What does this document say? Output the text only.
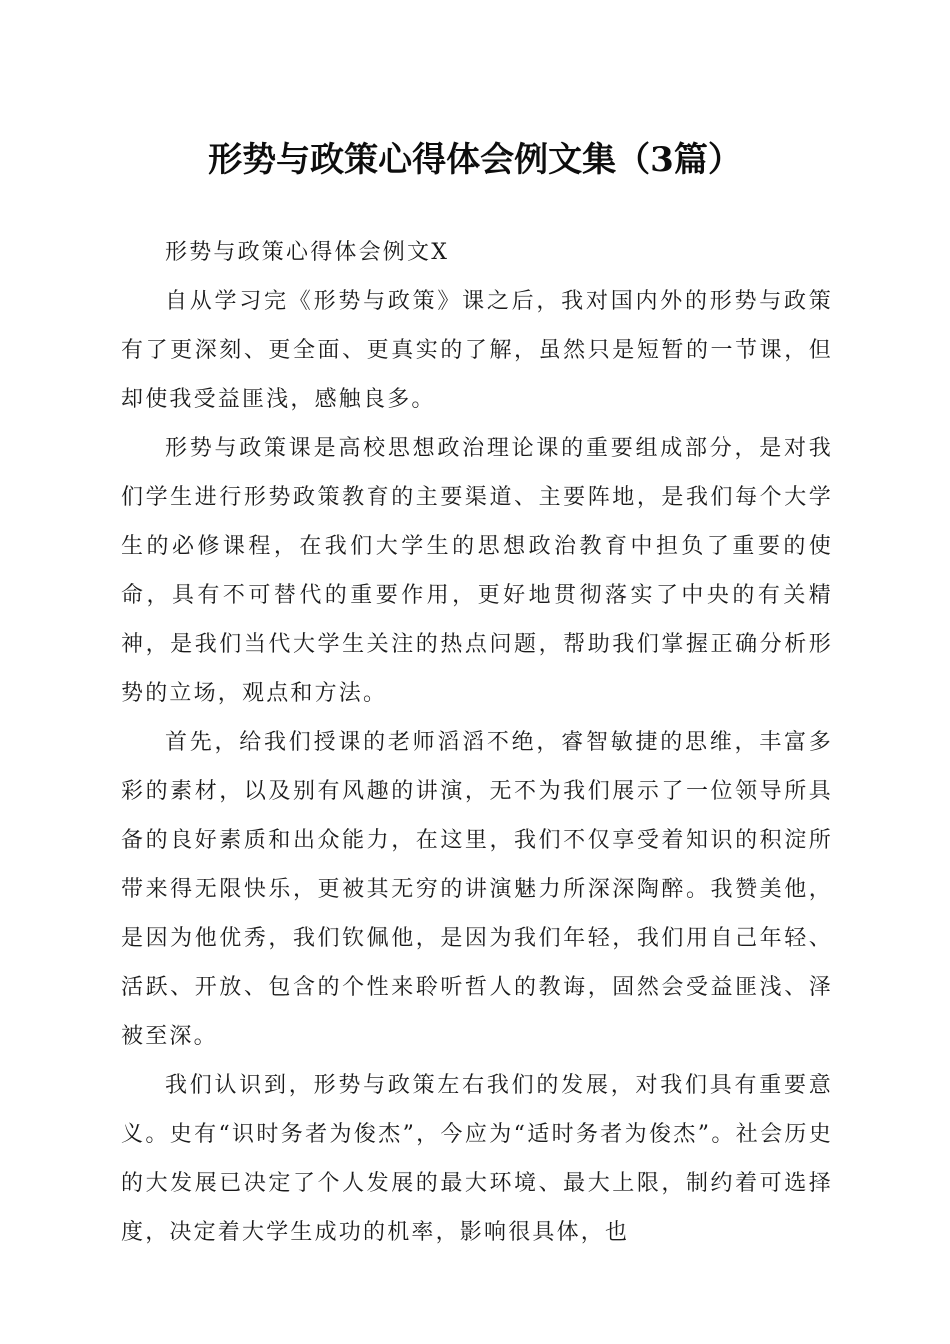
形势与政策心得体会例文集（3篇）

形势与政策心得体会例文X

自从学习完《形势与政策》课之后，我对国内外的形势与政策有了更深刻、更全面、更真实的了解，虽然只是短暂的一节课，但却使我受益匪浅，感触良多。

形势与政策课是高校思想政治理论课的重要组成部分，是对我们学生进行形势政策教育的主要渠道、主要阵地，是我们每个大学生的必修课程，在我们大学生的思想政治教育中担负了重要的使命，具有不可替代的重要作用，更好地贯彻落实了中央的有关精神，是我们当代大学生关注的热点问题，帮助我们掌握正确分析形势的立场，观点和方法。

首先，给我们授课的老师滔滔不绝，睿智敏捷的思维，丰富多彩的素材，以及别有风趣的讲演，无不为我们展示了一位领导所具备的良好素质和出众能力，在这里，我们不仅享受着知识的积淀所带来得无限快乐，更被其无穷的讲演魅力所深深陶醉。我赞美他，是因为他优秀，我们钦佩他，是因为我们年轻，我们用自己年轻、活跃、开放、包含的个性来聆听哲人的教诲，固然会受益匪浅、泽被至深。

我们认识到，形势与政策左右我们的发展，对我们具有重要意义。史有“识时务者为俊杰”，今应为“适时务者为俊杰”。社会历史的大发展已决定了个人发展的最大环境、最大上限，制约着可选择度，决定着大学生成功的机率，影响很具体，也
